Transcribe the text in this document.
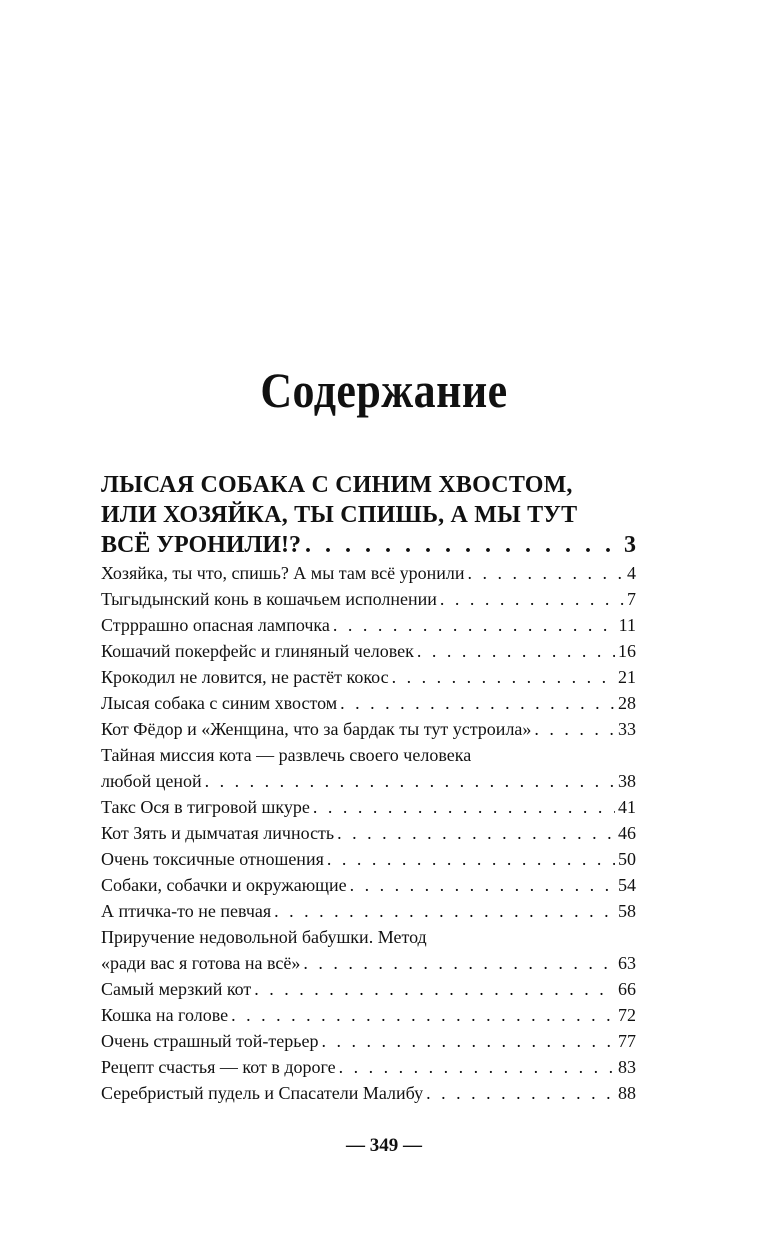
Содержание
ЛЫСАЯ СОБАКА С СИНИМ ХВОСТОМ,
ИЛИ ХОЗЯЙКА, ТЫ СПИШЬ, А МЫ ТУТ
ВСЁ УРОНИЛИ!? . . .	3
Хозяйка, ты что, спишь? А мы там всё уронили . . .	4
Тыгыдынский конь в кошачьем исполнении . . .	7
Стрррашно опасная лампочка . . .	11
Кошачий покерфейс и глиняный человек . . .	16
Крокодил не ловится, не растёт кокос . . .	21
Лысая собака с синим хвостом . . .	28
Кот Фёдор и «Женщина, что за бардак ты тут устроила» . . .	33
Тайная миссия кота — развлечь своего человека
любой ценой . . .	38
Такс Ося в тигровой шкуре . . .	41
Кот Зять и дымчатая личность . . .	46
Очень токсичные отношения . . .	50
Собаки, собачки и окружающие . . .	54
А птичка-то не певчая . . .	58
Приручение недовольной бабушки. Метод
«ради вас я готова на всё» . . .	63
Самый мерзкий кот . . .	66
Кошка на голове . . .	72
Очень страшный той-терьер . . .	77
Рецепт счастья — кот в дороге . . .	83
Серебристый пудель и Спасатели Малибу . . .	88
— 349 —
